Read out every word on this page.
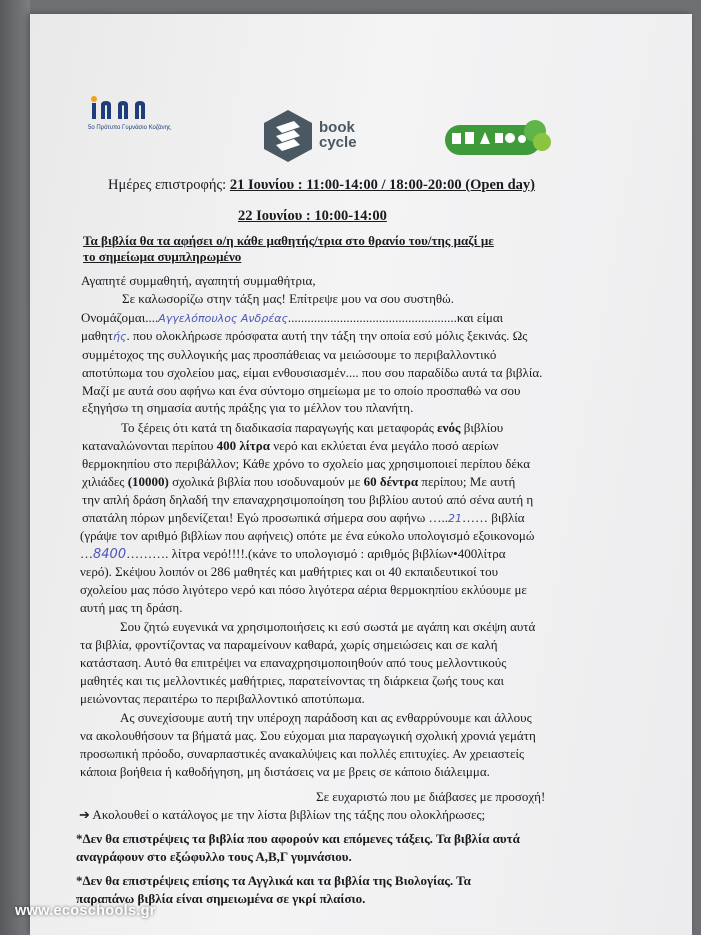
5ο Πρότυπο Γυμνάσιο Κοζάνης	book
cycle
Ημέρες επιστροφής: 21 Ιουνίου : 11:00-14:00 / 18:00-20:00 (Open day)
22 Ιουνίου : 10:00-14:00
Τα βιβλία θα τα αφήσει ο/η κάθε μαθητής/τρια στο θρανίο του/της μαζί με
το σημείωμα συμπληρωμένο
Αγαπητέ συμμαθητή, αγαπητή συμμαθήτρια,
Σε καλωσορίζω στην τάξη μας! Επίτρεψε μου να σου συστηθώ.
Ονομάζομαι....Αγγελόπουλος Ανδρέας....................................................και είμαι
μαθητής. που ολοκλήρωσε πρόσφατα αυτή την τάξη την οποία εσύ μόλις ξεκινάς. Ως
συμμέτοχος της συλλογικής μας προσπάθειας να μειώσουμε το περιβαλλοντικό
αποτύπωμα του σχολείου μας, είμαι ενθουσιασμέν.... που σου παραδίδω αυτά τα βιβλία.
Μαζί με αυτά σου αφήνω και ένα σύντομο σημείωμα με το οποίο προσπαθώ να σου
εξηγήσω τη σημασία αυτής πράξης για το μέλλον του πλανήτη.
Το ξέρεις ότι κατά τη διαδικασία παραγωγής και μεταφοράς ενός βιβλίου
καταναλώνονται περίπου 400 λίτρα νερό και εκλύεται ένα μεγάλο ποσό αερίων
θερμοκηπίου στο περιβάλλον; Κάθε χρόνο το σχολείο μας χρησιμοποιεί περίπου δέκα
χιλιάδες (10000) σχολικά βιβλία που ισοδυναμούν με 60 δέντρα περίπου; Με αυτή
την απλή δράση δηλαδή την επαναχρησιμοποίηση του βιβλίου αυτού από σένα αυτή η
σπατάλη πόρων μηδενίζεται! Εγώ προσωπικά σήμερα σου αφήνω …..21…… βιβλία
(γράψε τον αριθμό βιβλίων που αφήνεις) οπότε με ένα εύκολο υπολογισμό εξοικονομώ
…8400………. λίτρα νερό!!!!.(κάνε το υπολογισμό : αριθμός βιβλίων•400λίτρα
νερό). Σκέψου λοιπόν οι 286 μαθητές και μαθήτριες και οι 40 εκπαιδευτικοί του
σχολείου μας πόσο λιγότερο νερό και πόσο λιγότερα αέρια θερμοκηπίου εκλύουμε με
αυτή μας τη δράση.
Σου ζητώ ευγενικά να χρησιμοποιήσεις κι εσύ σωστά με αγάπη και σκέψη αυτά
τα βιβλία, φροντίζοντας να παραμείνουν καθαρά, χωρίς σημειώσεις και σε καλή
κατάσταση. Αυτό θα επιτρέψει να επαναχρησιμοποιηθούν από τους μελλοντικούς
μαθητές και τις μελλοντικές μαθήτριες, παρατείνοντας τη διάρκεια ζωής τους και
μειώνοντας περαιτέρω το περιβαλλοντικό αποτύπωμα.
Ας συνεχίσουμε αυτή την υπέροχη παράδοση και ας ενθαρρύνουμε και άλλους
να ακολουθήσουν τα βήματά μας. Σου εύχομαι μια παραγωγική σχολική χρονιά γεμάτη
προσωπική πρόοδο, συναρπαστικές ανακαλύψεις και πολλές επιτυχίες. Αν χρειαστείς
κάποια βοήθεια ή καθοδήγηση, μη διστάσεις να με βρεις σε κάποιο διάλειμμα.
Σε ευχαριστώ που με διάβασες με προσοχή!
➔ Ακολουθεί ο κατάλογος με την λίστα βιβλίων της τάξης που ολοκλήρωσες;
*Δεν θα επιστρέψεις τα βιβλία που αφορούν και επόμενες τάξεις. Τα βιβλία αυτά
αναγράφουν στο εξώφυλλο τους Α,Β,Γ γυμνάσιου.
*Δεν θα επιστρέψεις επίσης τα Αγγλικά και τα βιβλία της Βιολογίας. Τα
παραπάνω βιβλία είναι σημειωμένα σε γκρί πλαίσιο.
www.ecoschools.gr
